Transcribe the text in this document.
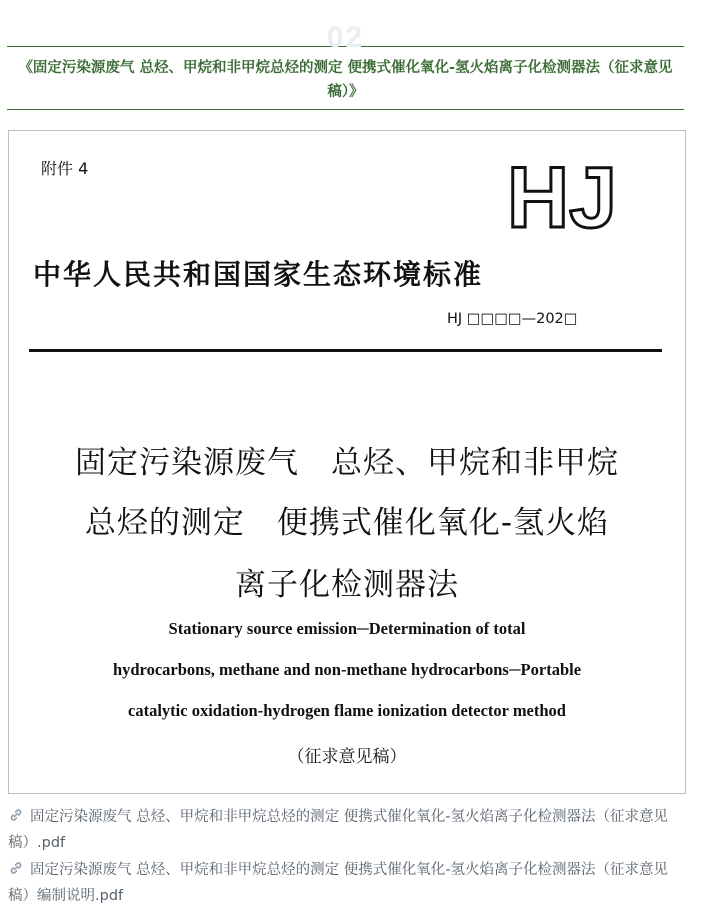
02
《固定污染源废气 总烃、甲烷和非甲烷总烃的测定 便携式催化氧化-氢火焰离子化检测器法（征求意见稿）》
附件 4	HJ
中华人民共和国国家生态环境标准
HJ □□□□—202□
固定污染源废气　总烃、甲烷和非甲烷
总烃的测定　便携式催化氧化-氢火焰
离子化检测器法
Stationary source emission─Determination of total
hydrocarbons, methane and non-methane hydrocarbons─Portable
catalytic oxidation-hydrogen flame ionization detector method
（征求意见稿）
固定污染源废气 总烃、甲烷和非甲烷总烃的测定 便携式催化氧化-氢火焰离子化检测器法（征求意见稿）.pdf
固定污染源废气 总烃、甲烷和非甲烷总烃的测定 便携式催化氧化-氢火焰离子化检测器法（征求意见稿）编制说明.pdf
